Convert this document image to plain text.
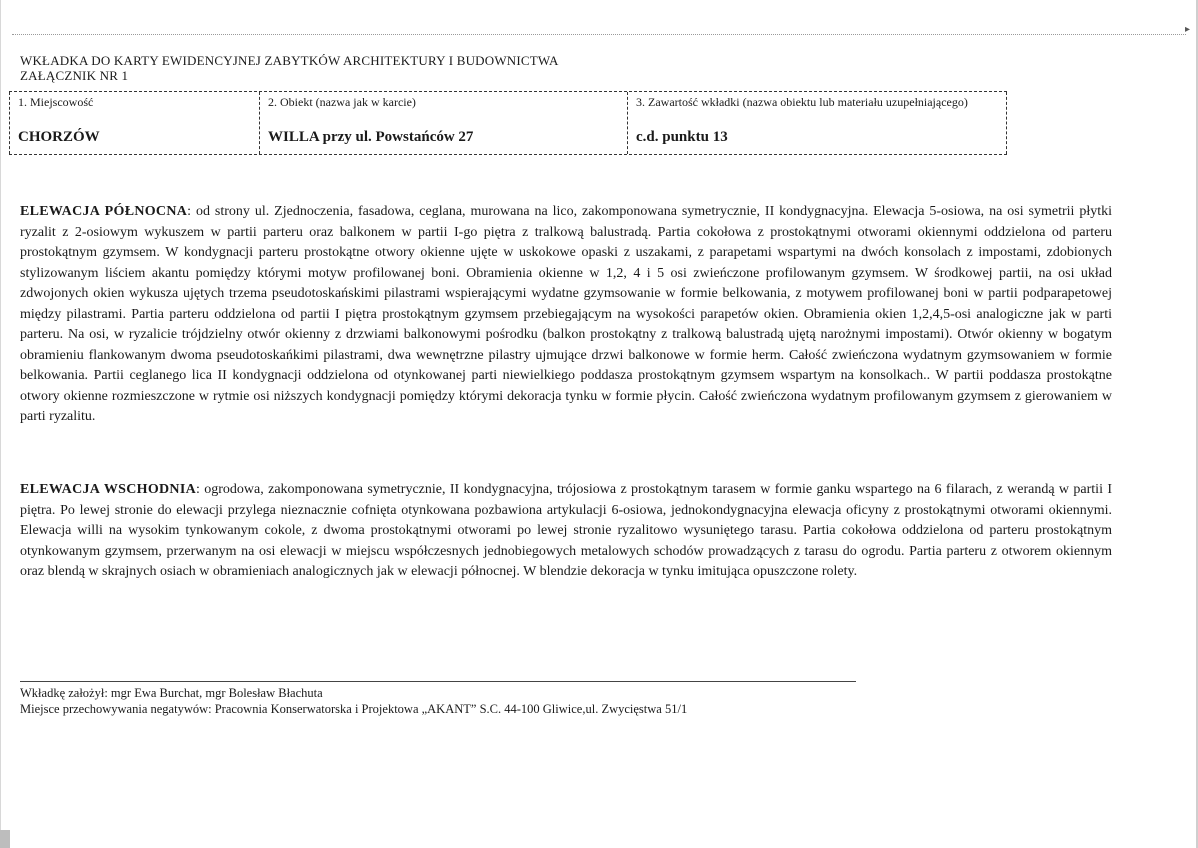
▸
WKŁADKA DO KARTY EWIDENCYJNEJ ZABYTKÓW ARCHITEKTURY I BUDOWNICTWA
ZAŁĄCZNIK NR 1
1. Miejscowość
CHORZÓW
2. Obiekt (nazwa jak w karcie)
WILLA przy ul. Powstańców 27
3. Zawartość wkładki (nazwa obiektu lub materiału uzupełniającego)
c.d. punktu 13
ELEWACJA PÓŁNOCNA: od strony ul. Zjednoczenia, fasadowa, ceglana, murowana na lico, zakomponowana symetrycznie, II kondygnacyjna. Elewacja 5-osiowa, na osi symetrii płytki ryzalit z 2-osiowym wykuszem w partii parteru oraz balkonem w partii I-go piętra z tralkową balustradą. Partia cokołowa z prostokątnymi otworami okiennymi oddzielona od parteru prostokątnym gzymsem. W kondygnacji parteru prostokątne otwory okienne ujęte w uskokowe opaski z uszakami, z parapetami wspartymi na dwóch konsolach z impostami, zdobionych stylizowanym liściem akantu pomiędzy którymi motyw profilowanej boni. Obramienia okienne w 1,2, 4 i 5 osi zwieńczone profilowanym gzymsem. W środkowej partii, na osi układ zdwojonych okien wykusza ujętych trzema pseudotoskańskimi pilastrami wspierającymi wydatne gzymsowanie w formie belkowania, z motywem profilowanej boni w partii podparapetowej między pilastrami. Partia parteru oddzielona od partii I piętra prostokątnym gzymsem przebiegającym na wysokości parapetów okien. Obramienia okien 1,2,4,5-osi analogiczne jak w parti parteru. Na osi, w ryzalicie trójdzielny otwór okienny z drzwiami balkonowymi pośrodku (balkon prostokątny z tralkową balustradą ujętą narożnymi impostami). Otwór okienny w bogatym obramieniu flankowanym dwoma pseudotoskańkimi pilastrami, dwa wewnętrzne pilastry ujmujące drzwi balkonowe w formie herm. Całość zwieńczona wydatnym gzymsowaniem w formie belkowania. Partii ceglanego lica II kondygnacji oddzielona od otynkowanej parti niewielkiego poddasza prostokątnym gzymsem wspartym na konsolkach.. W partii poddasza prostokątne otwory okienne rozmieszczone w rytmie osi niższych kondygnacji pomiędzy którymi dekoracja tynku w formie płycin. Całość zwieńczona wydatnym profilowanym gzymsem z gierowaniem w parti ryzalitu.
ELEWACJA WSCHODNIA: ogrodowa, zakomponowana symetrycznie, II kondygnacyjna, trójosiowa z prostokątnym tarasem w formie ganku wspartego na 6 filarach, z werandą w partii I piętra. Po lewej stronie do elewacji przylega nieznacznie cofnięta otynkowana pozbawiona artykulacji 6-osiowa, jednokondygnacyjna elewacja oficyny z prostokątnymi otworami okiennymi. Elewacja willi na wysokim tynkowanym cokole, z dwoma prostokątnymi otworami po lewej stronie ryzalitowo wysuniętego tarasu. Partia cokołowa oddzielona od parteru prostokątnym otynkowanym gzymsem, przerwanym na osi elewacji w miejscu współczesnych jednobiegowych metalowych schodów prowadzących z tarasu do ogrodu. Partia parteru z otworem okiennym oraz blendą w skrajnych osiach w obramieniach analogicznych jak w elewacji północnej. W blendzie dekoracja w tynku imitująca opuszczone rolety.
Wkładkę założył: mgr Ewa Burchat, mgr Bolesław Błachuta
Miejsce przechowywania negatywów: Pracownia Konserwatorska i Projektowa „AKANT” S.C. 44-100 Gliwice,ul. Zwycięstwa 51/1
